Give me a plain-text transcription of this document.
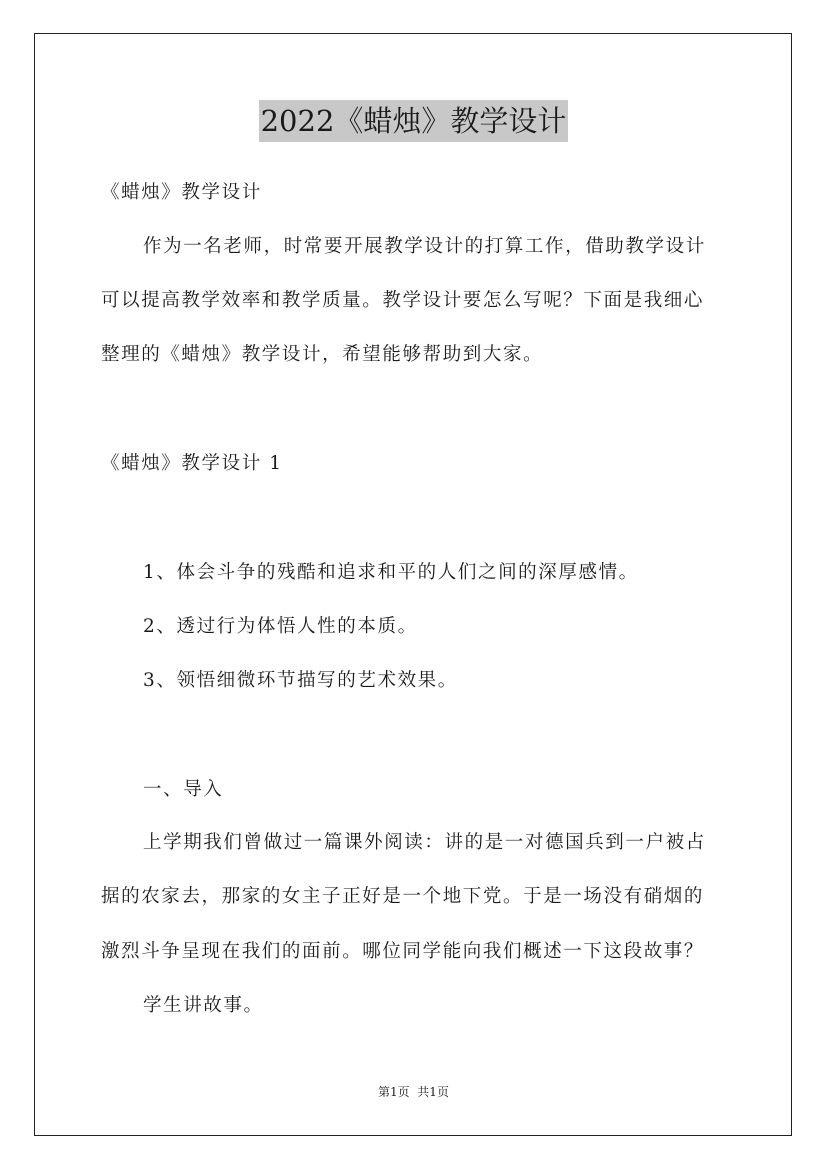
2022《蜡烛》教学设计
《蜡烛》教学设计
作为一名老师，时常要开展教学设计的打算工作，借助教学设计
可以提高教学效率和教学质量。教学设计要怎么写呢？下面是我细心
整理的《蜡烛》教学设计，希望能够帮助到大家。
《蜡烛》教学设计 1
1、体会斗争的残酷和追求和平的人们之间的深厚感情。
2、透过行为体悟人性的本质。
3、领悟细微环节描写的艺术效果。
一、导入
上学期我们曾做过一篇课外阅读：讲的是一对德国兵到一户被占
据的农家去，那家的女主子正好是一个地下党。于是一场没有硝烟的
激烈斗争呈现在我们的面前。哪位同学能向我们概述一下这段故事？
学生讲故事。
第1页  共1页
